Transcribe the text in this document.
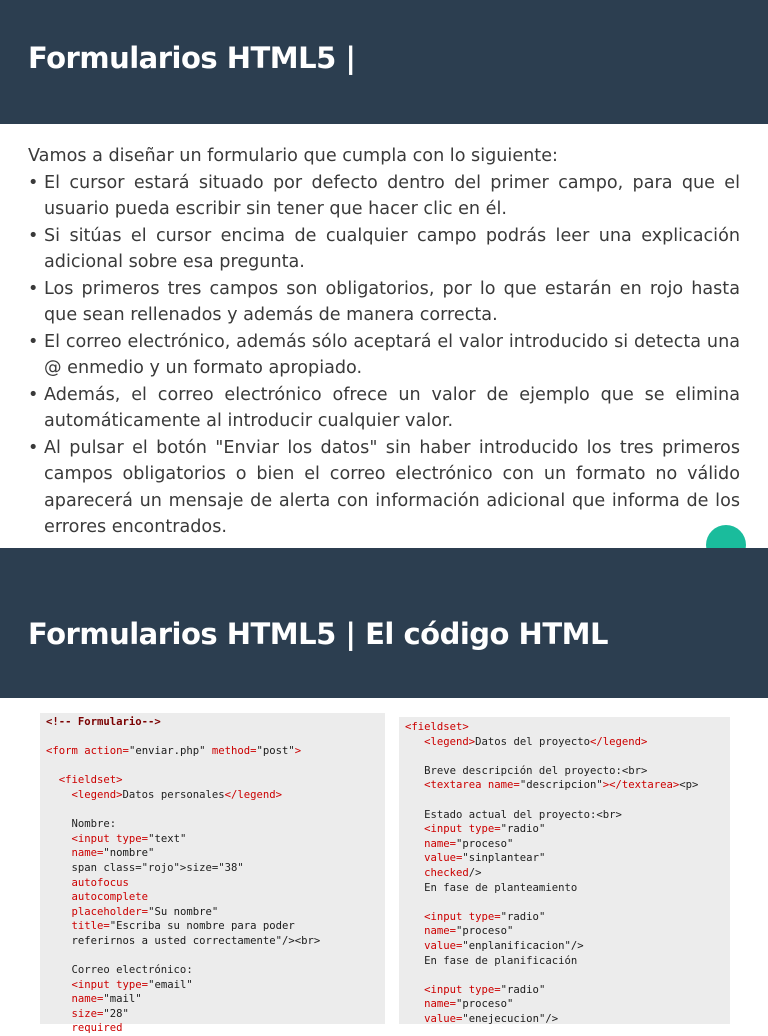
Formularios HTML5 |

Vamos a diseñar un formulario que cumpla con lo siguiente:

• El cursor estará situado por defecto dentro del primer campo, para que el usuario pueda escribir sin tener que hacer clic en él.
• Si sitúas el cursor encima de cualquier campo podrás leer una explicación adicional sobre esa pregunta.
• Los primeros tres campos son obligatorios, por lo que estarán en rojo hasta que sean rellenados y además de manera correcta.
• El correo electrónico, además sólo aceptará el valor introducido si detecta una @ enmedio y un formato apropiado.
• Además, el correo electrónico ofrece un valor de ejemplo que se elimina automáticamente al introducir cualquier valor.
• Al pulsar el botón "Enviar los datos" sin haber introducido los tres primeros campos obligatorios o bien el correo electrónico con un formato no válido aparecerá un mensaje de alerta con información adicional que informa de los errores encontrados.
Formularios HTML5 | El código HTML
<!-- Formulario-->

<form action="enviar.php" method="post">

<fieldset>
<legend>Datos personales</legend>

Nombre:
<input type="text"
name="nombre"
span class="rojo">size="38"
autofocus
autocomplete
placeholder="Su nombre"
title="Escriba su nombre para poder
referirnos a usted correctamente"/><br>

Correo electrónico:
<input type="email"
name="mail"
size="28"
required
<fieldset>
<legend>Datos del proyecto</legend>

Breve descripción del proyecto:<br>
<textarea name="descripcion"></textarea><p>

Estado actual del proyecto:<br>
<input type="radio"
name="proceso"
value="sinplantear"
checked/>
En fase de planteamiento

<input type="radio"
name="proceso"
value="enplanificacion"/>
En fase de planificación

<input type="radio"
name="proceso"
value="enejecucion"/>
